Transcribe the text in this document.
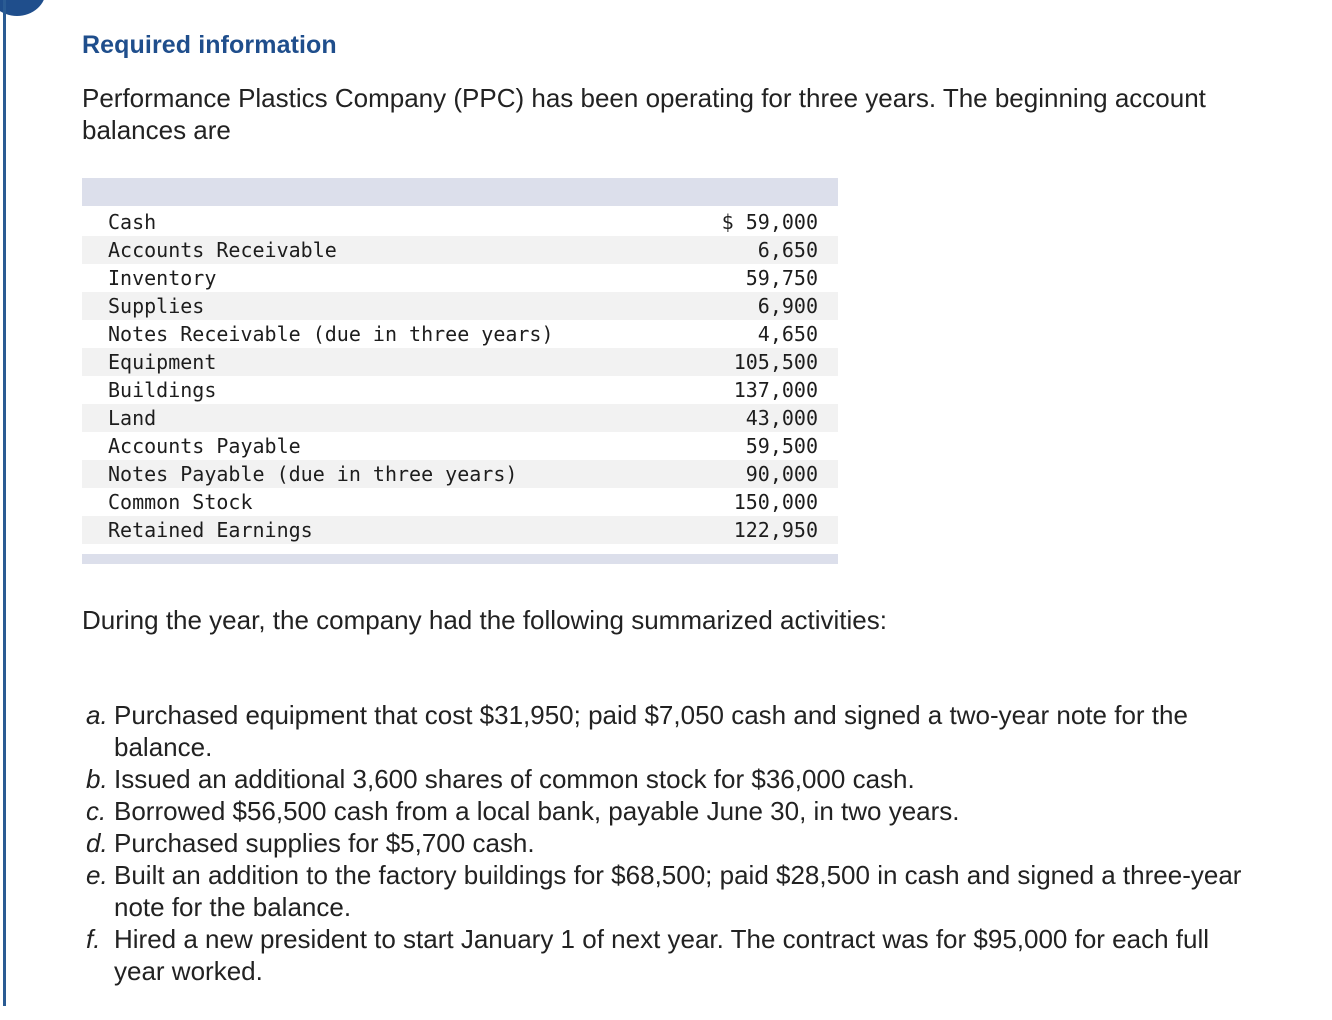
Required information
Performance Plastics Company (PPC) has been operating for three years. The beginning account balances are
Cash	$ 59,000
Accounts Receivable	6,650
Inventory	59,750
Supplies	6,900
Notes Receivable (due in three years)	4,650
Equipment	105,500
Buildings	137,000
Land	43,000
Accounts Payable	59,500
Notes Payable (due in three years)	90,000
Common Stock	150,000
Retained Earnings	122,950
During the year, the company had the following summarized activities:
a. Purchased equipment that cost $31,950; paid $7,050 cash and signed a two-year note for the balance.
b. Issued an additional 3,600 shares of common stock for $36,000 cash.
c. Borrowed $56,500 cash from a local bank, payable June 30, in two years.
d. Purchased supplies for $5,700 cash.
e. Built an addition to the factory buildings for $68,500; paid $28,500 in cash and signed a three-year note for the balance.
f. Hired a new president to start January 1 of next year. The contract was for $95,000 for each full year worked.
